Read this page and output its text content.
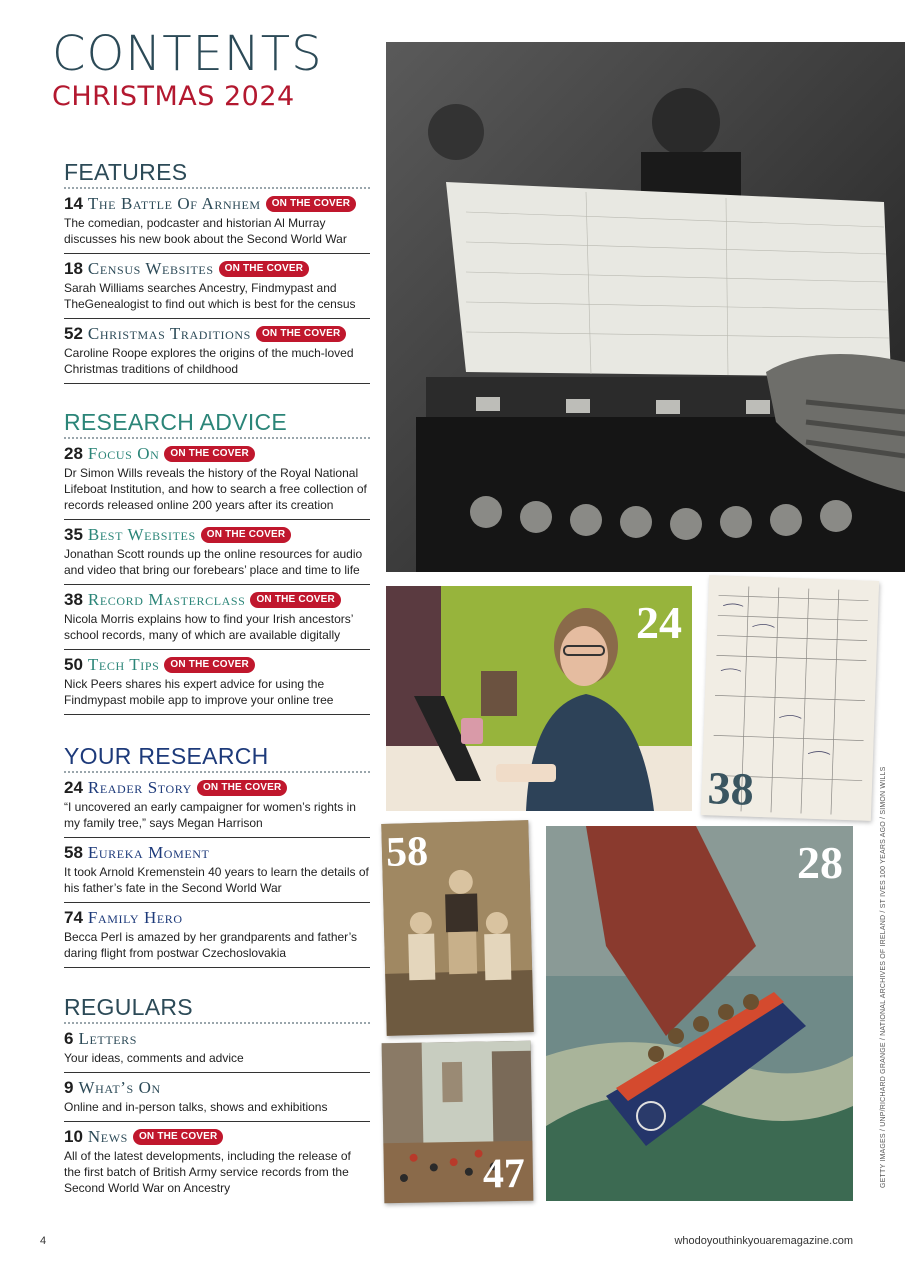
CONTENTS
CHRISTMAS 2024
FEATURES
14 The Battle Of Arnhem	ON THE COVER
The comedian, podcaster and historian Al Murray discusses his new book about the Second World War
18 Census Websites	ON THE COVER
Sarah Williams searches Ancestry, Findmypast and TheGenealogist to find out which is best for the census
52 Christmas Traditions	ON THE COVER
Caroline Roope explores the origins of the much-loved Christmas traditions of childhood
RESEARCH ADVICE
28 Focus On	ON THE COVER
Dr Simon Wills reveals the history of the Royal National Lifeboat Institution, and how to search a free collection of records released online 200 years after its creation
35 Best Websites	ON THE COVER
Jonathan Scott rounds up the online resources for audio and video that bring our forebears’ place and time to life
38 Record Masterclass	ON THE COVER
Nicola Morris explains how to find your Irish ancestors’ school records, many of which are available digitally
50 Tech Tips	ON THE COVER
Nick Peers shares his expert advice for using the Findmypast mobile app to improve your online tree
YOUR RESEARCH
24 Reader Story	ON THE COVER
“I uncovered an early campaigner for women’s rights in my family tree,” says Megan Harrison
58 Eureka Moment
It took Arnold Kremenstein 40 years to learn the details of his father’s fate in the Second World War
74 Family Hero
Becca Perl is amazed by her grandparents and father’s daring flight from postwar Czechoslovakia
REGULARS
6 Letters
Your ideas, comments and advice
9 What’s On
Online and in-person talks, shows and exhibitions
10 News	ON THE COVER
All of the latest developments, including the release of the first batch of British Army service records from the Second World War on Ancestry
24
38
58	28
47	GETTY IMAGES / UNP/RICHARD GRANGE / NATIONAL ARCHIVES OF IRELAND / ST IVES 100 YEARS AGO / SIMON WILLS
4	whodoyouthinkyouaremagazine.com
